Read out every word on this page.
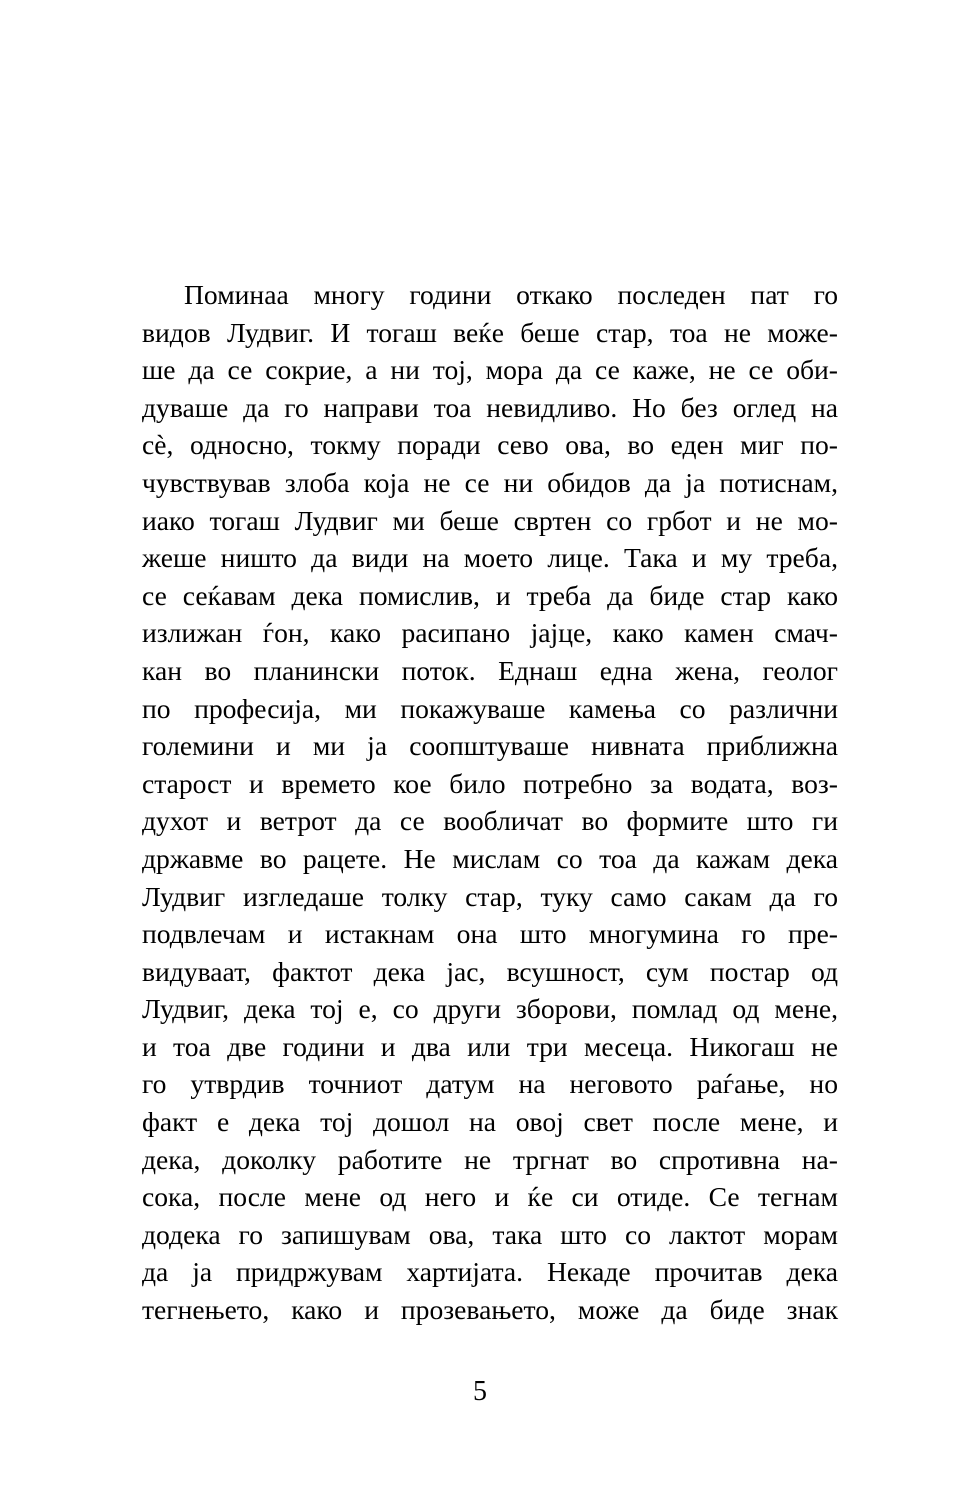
Поминаа многу години откако последен пат го
видов Лудвиг. И тогаш веќе беше стар, тоа не може-
ше да се сокрие, а ни тој, мора да се каже, не се оби-
дуваше да го направи тоа невидливо. Но без оглед на
сè, односно, токму поради сево ова, во еден миг по-
чувствував злоба која не се ни обидов да ја потиснам,
иако тогаш Лудвиг ми беше свртен со грбот и не мо-
жеше ништо да види на моето лице. Така и му треба,
се сеќавам дека помислив, и треба да биде стар како
излижан ѓон, како расипано јајце, како камен смач-
кан во планински поток. Еднаш една жена, геолог
по професија, ми покажуваше камења со различни
големини и ми ја соопштуваше нивната приближна
старост и времето кое било потребно за водата, воз-
духот и ветрот да се вообличат во формите што ги
државме во рацете. Не мислам со тоа да кажам дека
Лудвиг изгледаше толку стар, туку само сакам да го
подвлечам и истакнам она што многумина го пре-
видуваат, фактот дека јас, всушност, сум постар од
Лудвиг, дека тој е, со други зборови, помлад од мене,
и тоа две години и два или три месеца. Никогаш не
го утврдив точниот датум на неговото раѓање, но
факт е дека тој дошол на овој свет после мене, и
дека, доколку работите не тргнат во спротивна на-
сока, после мене од него и ќе си отиде. Се тегнам
додека го запишувам ова, така што со лактот морам
да ја придржувам хартијата. Некаде прочитав дека
тегнењето, како и прозевањето, може да биде знак
5
